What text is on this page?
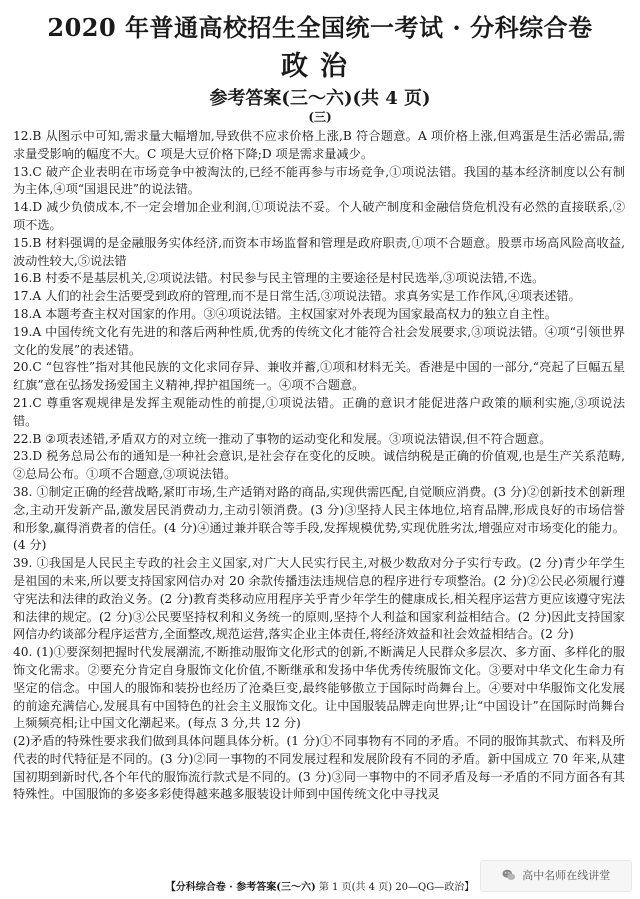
2020 年普通高校招生全国统一考试 · 分科综合卷
政治
参考答案(三～六)(共 4 页)
(三)

12.B 从图示中可知,需求量大幅增加,导致供不应求价格上涨,B 符合题意。A 项价格上涨,但鸡蛋是生活必需品,需求量受影响的幅度不大。C 项是大豆价格下降;D 项是需求量减少。

13.C 破产企业表明在市场竞争中被淘汰的,已经不能再参与市场竞争,①项说法错。我国的基本经济制度以公有制为主体,④项“国退民进”的说法错。

14.D 减少负债成本,不一定会增加企业利润,①项说法不妥。个人破产制度和金融信贷危机没有必然的直接联系,②项不选。

15.B 材料强调的是金融服务实体经济,而资本市场监督和管理是政府职责,①项不合题意。股票市场高风险高收益,波动性较大,⑤说法错

16.B 村委不是基层机关,②项说法错。村民参与民主管理的主要途径是村民选举,③项说法错,不选。

17.A 人们的社会生活要受到政府的管理,而不是日常生活,③项说法错。求真务实是工作作风,④项表述错。

18.A 本题考查主权对国家的作用。③④项说法错。主权国家对外表现为国家最高权力的独立自主性。

19.A 中国传统文化有先进的和落后两种性质,优秀的传统文化才能符合社会发展要求,③项说法错。④项“引领世界文化的发展”的表述错。

20.C “包容性”指对其他民族的文化求同存异、兼收并蓄,①项和材料无关。香港是中国的一部分,“亮起了巨幅五星红旗”意在弘扬发扬爱国主义精神,捍护祖国统一。④项不合题意。

21.C 尊重客观规律是发挥主观能动性的前提,①项说法错。正确的意识才能促进落户政策的顺利实施,③项说法错。

22.B ②项表述错,矛盾双方的对立统一推动了事物的运动变化和发展。③项说法错误,但不符合题意。

23.D 税务总局公布的通知是一种社会意识,是社会存在变化的反映。诚信纳税是正确的价值观,也是生产关系范畴,②总局公布。①项不合题意,③项说法错。

38. ①制定正确的经营战略,紧盯市场,生产适销对路的商品,实现供需匹配,自觉顺应消费。(3 分)②创新技术创新理念,主动开发新产品,激发居民消费动力,主动引领消费。(3 分)③坚持人民主体地位,培育品牌,形成良好的市场信誉和形象,赢得消费者的信任。(4 分)④通过兼并联合等手段,发挥规模优势,实现优胜劣汰,增强应对市场变化的能力。(4 分)

39. ①我国是人民民主专政的社会主义国家,对广大人民实行民主,对极少数敌对分子实行专政。(2 分)青少年学生是祖国的未来,所以要支持国家网信办对 20 余款传播违法违规信息的程序进行专项整治。(2 分)②公民必须履行遵守宪法和法律的政治义务。(2 分)教育类移动应用程序关乎青少年学生的健康成长,相关程序运营方更应该遵守宪法和法律的规定。(2 分)③公民要坚持权利和义务统一的原则,坚持个人利益和国家利益相结合。(2 分)因此支持国家网信办约谈部分程序运营方,全面整改,规范运营,落实企业主体责任,将经济效益和社会效益相结合。(2 分)

40. (1)①要深刻把握时代发展潮流,不断推动服饰文化形式的创新,不断满足人民群众多层次、多方面、多样化的服饰文化需求。②要充分肯定自身服饰文化价值,不断继承和发扬中华优秀传统服饰文化。③要对中华文化生命力有坚定的信念。中国人的服饰和装扮也经历了沧桑巨变,最终能够傲立于国际时尚舞台上。④要对中华服饰文化发展的前途充满信心,发展具有中国特色的社会主义服饰文化。让中国服装品牌走向世界;让“中国设计”在国际时尚舞台上频频亮相;让中国文化潮起来。(每点 3 分,共 12 分)

(2)矛盾的特殊性要求我们做到具体问题具体分析。(1 分)①不同事物有不同的矛盾。不同的服饰其款式、布料及所代表的时代特征是不同的。(3 分)②同一事物的不同发展过程和发展阶段有不同的矛盾。新中国成立 70 年来,从建国初期到新时代,各个年代的服饰流行款式是不同的。(3 分)③同一事物中的不同矛盾及每一矛盾的不同方面各有其特殊性。中国服饰的多姿多彩使得越来越多服装设计师到中国传统文化中寻找灵

【分科综合卷 · 参考答案(三～六) 第 1 页(共 4 页) 20—QG—政治】
高中名师在线讲堂
